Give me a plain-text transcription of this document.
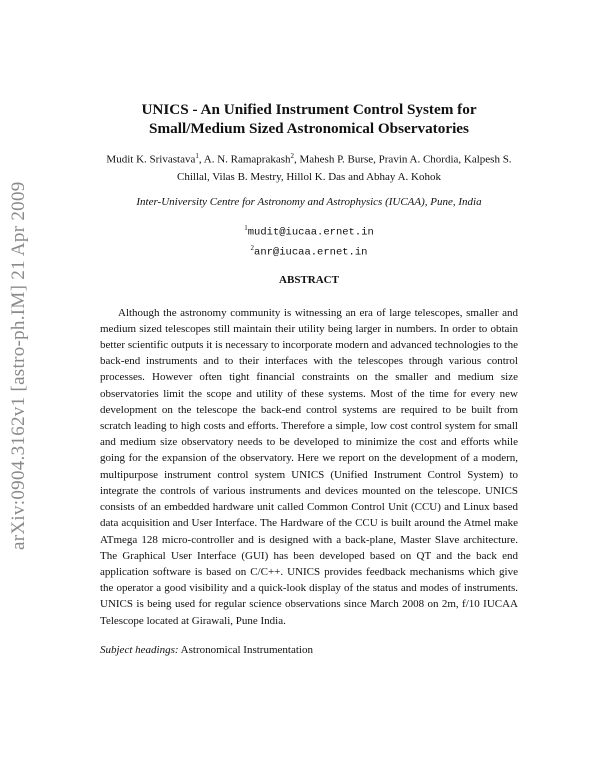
arXiv:0904.3162v1 [astro-ph.IM] 21 Apr 2009
UNICS - An Unified Instrument Control System for Small/Medium Sized Astronomical Observatories
Mudit K. Srivastava$^1$, A. N. Ramaprakash$^2$, Mahesh P. Burse, Pravin A. Chordia, Kalpesh S. Chillal, Vilas B. Mestry, Hillol K. Das and Abhay A. Kohok
Inter-University Centre for Astronomy and Astrophysics (IUCAA), Pune, India
$^1$mudit@iucaa.ernet.in
$^2$anr@iucaa.ernet.in
ABSTRACT

Although the astronomy community is witnessing an era of large telescopes, smaller and medium sized telescopes still maintain their utility being larger in numbers. In order to obtain better scientific outputs it is necessary to incorporate modern and advanced technologies to the back-end instruments and to their interfaces with the telescopes through various control processes. However often tight financial constraints on the smaller and medium size observatories limit the scope and utility of these systems. Most of the time for every new development on the telescope the back-end control systems are required to be built from scratch leading to high costs and efforts. Therefore a simple, low cost control system for small and medium size observatory needs to be developed to minimize the cost and efforts while going for the expansion of the observatory. Here we report on the development of a modern, multipurpose instrument control system UNICS (Unified Instrument Control System) to integrate the controls of various instruments and devices mounted on the telescope. UNICS consists of an embedded hardware unit called Common Control Unit (CCU) and Linux based data acquisition and User Interface. The Hardware of the CCU is built around the Atmel make ATmega 128 micro-controller and is designed with a back-plane, Master Slave architecture. The Graphical User Interface (GUI) has been developed based on QT and the back end application software is based on C/C++. UNICS provides feedback mechanisms which give the operator a good visibility and a quick-look display of the status and modes of instruments. UNICS is being used for regular science observations since March 2008 on 2m, f/10 IUCAA Telescope located at Girawali, Pune India.

Subject headings: Astronomical Instrumentation
